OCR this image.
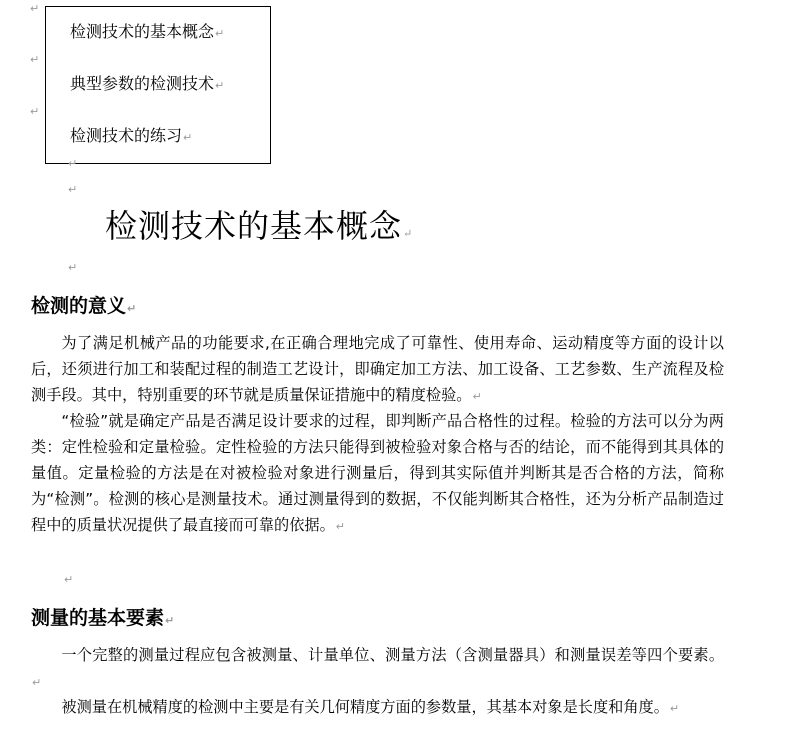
检测技术的基本概念↵
典型参数的检测技术↵
检测技术的练习↵
↵
↵
↵
↵
↵
检测技术的基本概念↵
↵
检测的意义↵

为了满足机械产品的功能要求,在正确合理地完成了可靠性、使用寿命、运动精度等方面的设计以后，还须进行加工和装配过程的制造工艺设计，即确定加工方法、加工设备、工艺参数、生产流程及检测手段。其中，特别重要的环节就是质量保证措施中的精度检验。↵

“检验”就是确定产品是否满足设计要求的过程，即判断产品合格性的过程。检验的方法可以分为两类：定性检验和定量检验。定性检验的方法只能得到被检验对象合格与否的结论，而不能得到其具体的量值。定量检验的方法是在对被检验对象进行测量后，得到其实际值并判断其是否合格的方法，简称为“检测”。检测的核心是测量技术。通过测量得到的数据，不仅能判断其合格性，还为分析产品制造过程中的质量状况提供了最直接而可靠的依据。↵

↵
测量的基本要素↵

一个完整的测量过程应包含被测量、计量单位、测量方法（含测量器具）和测量误差等四个要素。↵

被测量在机械精度的检测中主要是有关几何精度方面的参数量，其基本对象是长度和角度。↵
